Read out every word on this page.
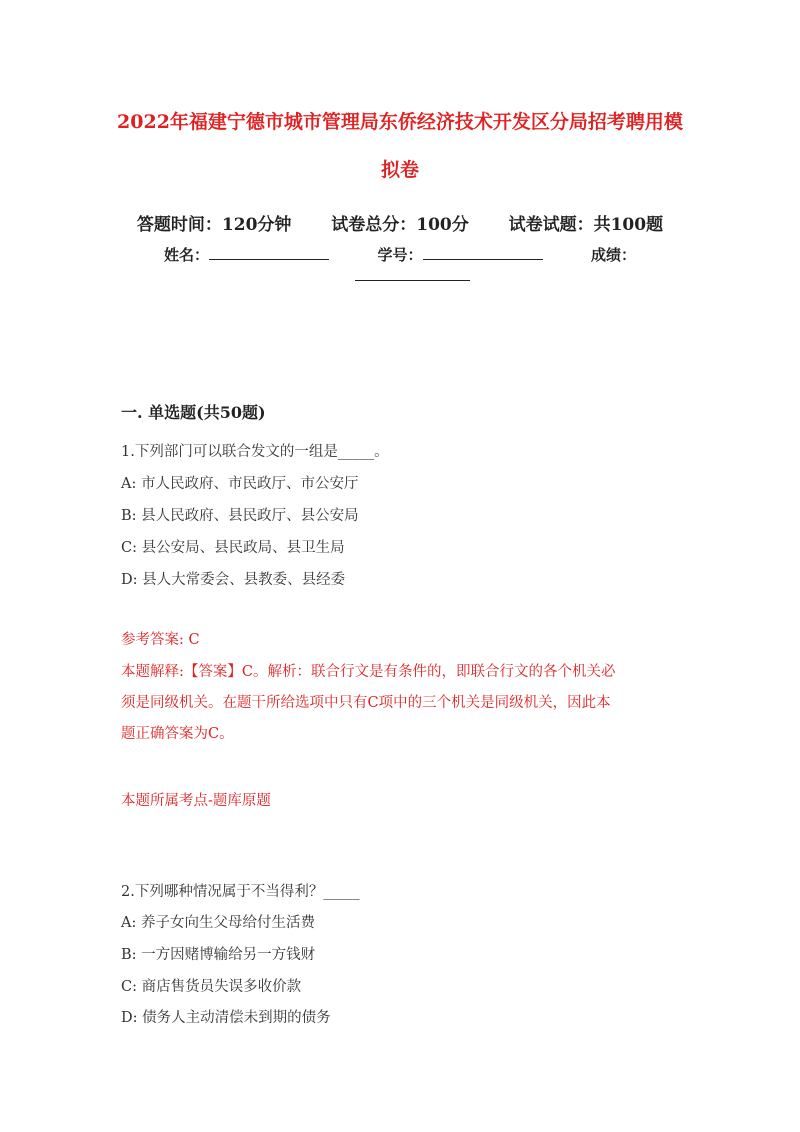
2022年福建宁德市城市管理局东侨经济技术开发区分局招考聘用模
拟卷
答题时间：120分钟 试卷总分：100分 试卷试题：共100题
姓名：	学号：	成绩：
一. 单选题(共50题)
1.下列部门可以联合发文的一组是_____。
A: 市人民政府、市民政厅、市公安厅
B: 县人民政府、县民政厅、县公安局
C: 县公安局、县民政局、县卫生局
D: 县人大常委会、县教委、县经委
参考答案: C
本题解释:【答案】C。解析：联合行文是有条件的，即联合行文的各个机关必
须是同级机关。在题干所给选项中只有C项中的三个机关是同级机关，因此本
题正确答案为C。
本题所属考点-题库原题
2.下列哪种情况属于不当得利？_____
A: 养子女向生父母给付生活费
B: 一方因赌博输给另一方钱财
C: 商店售货员失误多收价款
D: 债务人主动清偿未到期的债务
